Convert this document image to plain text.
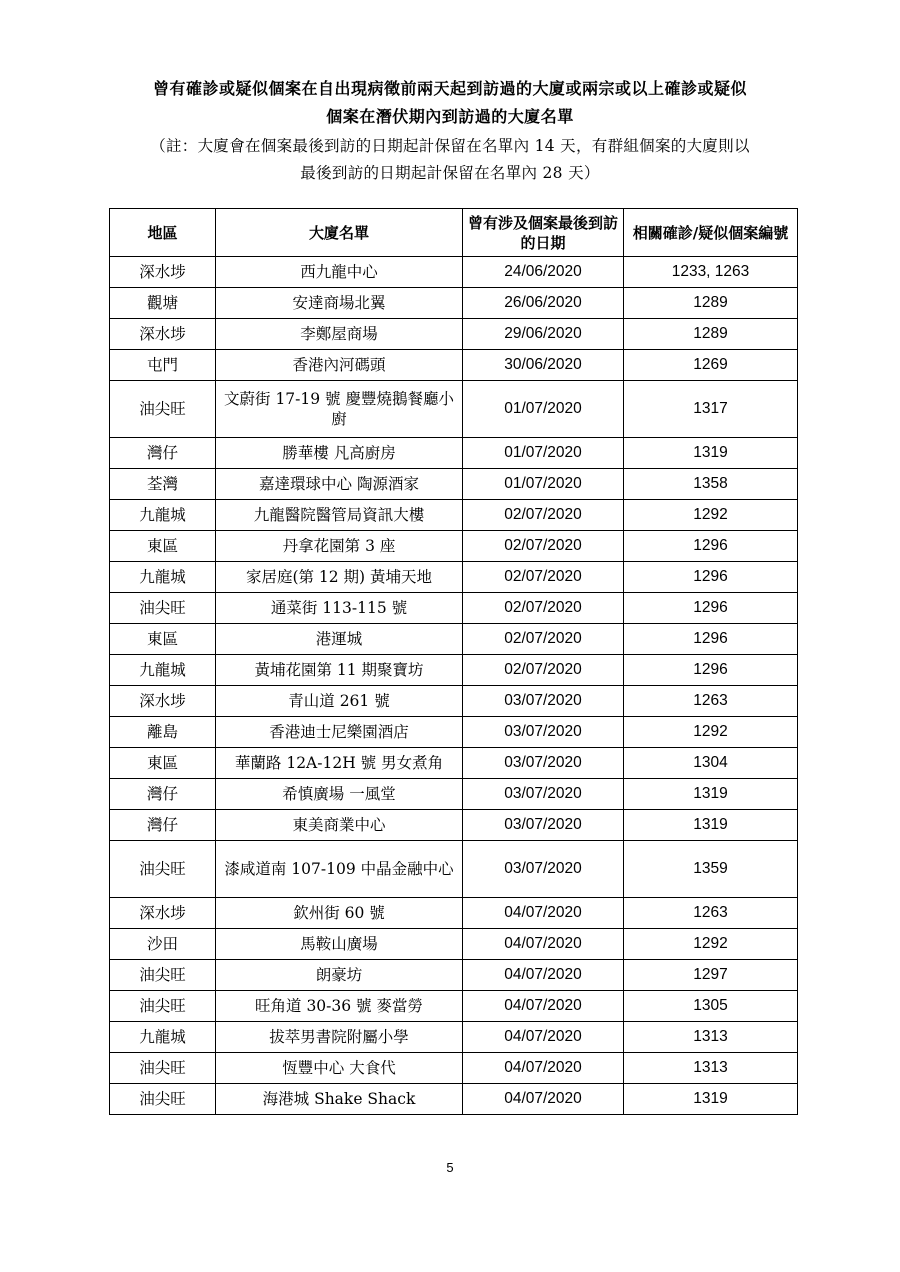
曾有確診或疑似個案在自出現病徵前兩天起到訪過的大廈或兩宗或以上確診或疑似
個案在潛伏期內到訪過的大廈名單
（註：大廈會在個案最後到訪的日期起計保留在名單內 14 天，有群組個案的大廈則以
最後到訪的日期起計保留在名單內 28 天）
地區	大廈名單	曾有涉及個案最後到訪的日期	相關確診/疑似個案編號
深水埗	西九龍中心	24/06/2020	1233, 1263
觀塘	安達商場北翼	26/06/2020	1289
深水埗	李鄭屋商場	29/06/2020	1289
屯門	香港內河碼頭	30/06/2020	1269
油尖旺	文蔚街 17-19 號 慶豐燒鵝餐廳小廚	01/07/2020	1317
灣仔	勝華樓 凡高廚房	01/07/2020	1319
荃灣	嘉達環球中心 陶源酒家	01/07/2020	1358
九龍城	九龍醫院醫管局資訊大樓	02/07/2020	1292
東區	丹拿花園第 3 座	02/07/2020	1296
九龍城	家居庭(第 12 期) 黃埔天地	02/07/2020	1296
油尖旺	通菜街 113-115 號	02/07/2020	1296
東區	港運城	02/07/2020	1296
九龍城	黃埔花園第 11 期聚寶坊	02/07/2020	1296
深水埗	青山道 261 號	03/07/2020	1263
離島	香港迪士尼樂園酒店	03/07/2020	1292
東區	華蘭路 12A-12H 號 男女煮角	03/07/2020	1304
灣仔	希慎廣場 一風堂	03/07/2020	1319
灣仔	東美商業中心	03/07/2020	1319
油尖旺	漆咸道南 107-109 中晶金融中心	03/07/2020	1359
深水埗	欽州街 60 號	04/07/2020	1263
沙田	馬鞍山廣場	04/07/2020	1292
油尖旺	朗豪坊	04/07/2020	1297
油尖旺	旺角道 30-36 號 麥當勞	04/07/2020	1305
九龍城	拔萃男書院附屬小學	04/07/2020	1313
油尖旺	恆豐中心 大食代	04/07/2020	1313
油尖旺	海港城 Shake Shack	04/07/2020	1319
5
